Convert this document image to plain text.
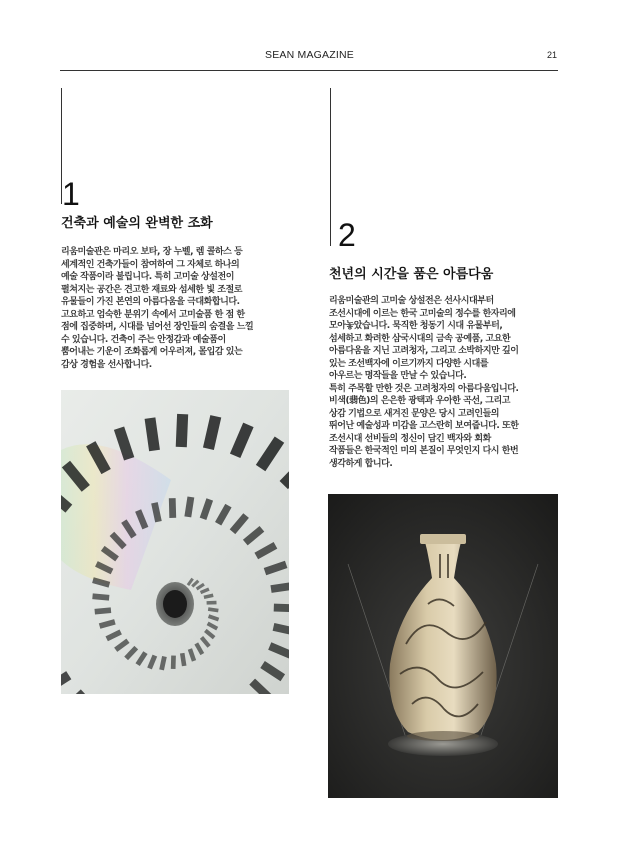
SEAN MAGAZINE	21
1
건축과 예술의 완벽한 조화

리움미술관은 마리오 보타, 장 누벨, 렘 콜하스 등
세계적인 건축가들이 참여하여 그 자체로 하나의
예술 작품이라 불립니다. 특히 고미술 상설전이
펼쳐지는 공간은 견고한 재료와 섬세한 빛 조절로
유물들이 가진 본연의 아름다움을 극대화합니다.
고요하고 엄숙한 분위기 속에서 고미술품 한 점 한
점에 집중하며, 시대를 넘어선 장인들의 숨결을 느낄
수 있습니다. 건축이 주는 안정감과 예술품이
뿜어내는 기운이 조화롭게 어우러져, 몰입감 있는
감상 경험을 선사합니다.

2
천년의 시간을 품은 아름다움

리움미술관의 고미술 상설전은 선사시대부터
조선시대에 이르는 한국 고미술의 정수를 한자리에
모아놓았습니다. 묵직한 청동기 시대 유물부터,
섬세하고 화려한 삼국시대의 금속 공예품, 고요한
아름다움을 지닌 고려청자, 그리고 소박하지만 깊이
있는 조선백자에 이르기까지 다양한 시대를
아우르는 명작들을 만날 수 있습니다.
특히 주목할 만한 것은 고려청자의 아름다움입니다.
비색(翡色)의 은은한 광택과 우아한 곡선, 그리고
상감 기법으로 새겨진 문양은 당시 고려인들의
뛰어난 예술성과 미감을 고스란히 보여줍니다. 또한
조선시대 선비들의 정신이 담긴 백자와 회화
작품들은 한국적인 미의 본질이 무엇인지 다시 한번
생각하게 합니다.
